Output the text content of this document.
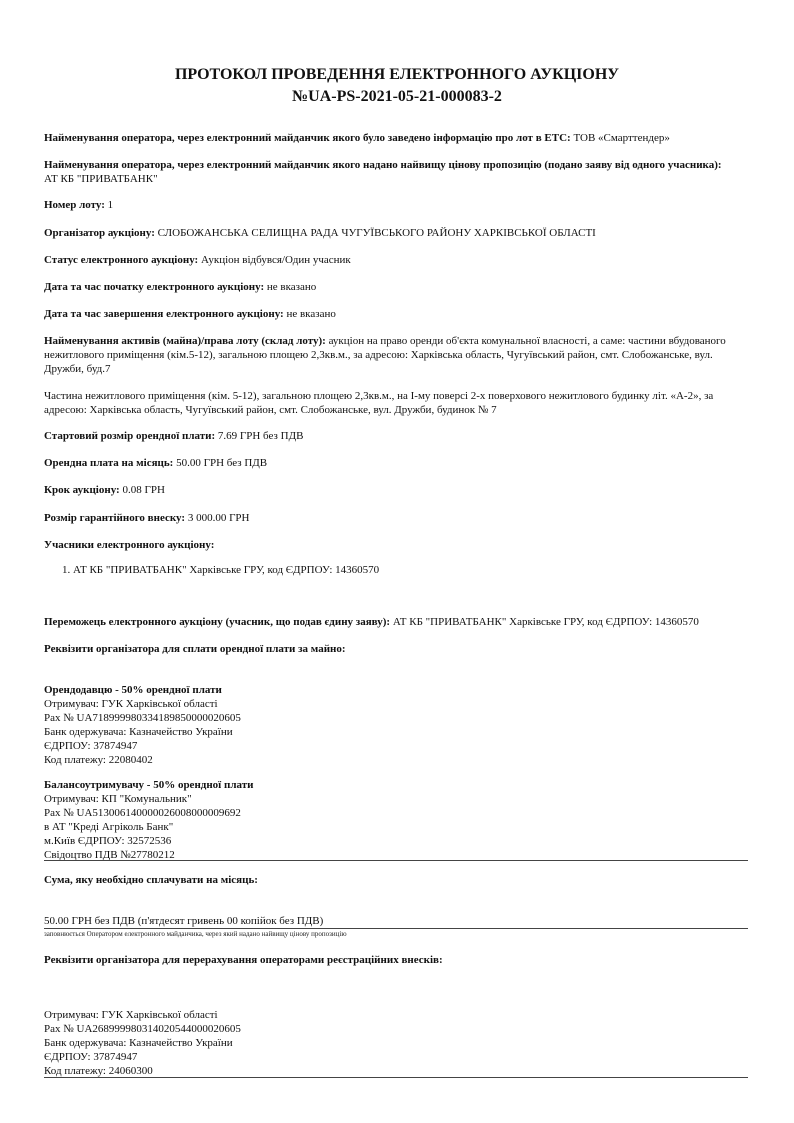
ПРОТОКОЛ ПРОВЕДЕННЯ ЕЛЕКТРОННОГО АУКЦІОНУ
№UA-PS-2021-05-21-000083-2
Найменування оператора, через електронний майданчик якого було заведено інформацію про лот в ЕТС: ТОВ «Смарттендер»
Найменування оператора, через електронний майданчик якого надано найвищу цінову пропозицію (подано заяву від одного учасника):
АТ КБ "ПРИВАТБАНК"
Номер лоту: 1
Організатор аукціону: СЛОБОЖАНСЬКА СЕЛИЩНА РАДА ЧУГУЇВСЬКОГО РАЙОНУ ХАРКІВСЬКОЇ ОБЛАСТІ
Статус електронного аукціону: Аукціон відбувся/Один учасник
Дата та час початку електронного аукціону: не вказано
Дата та час завершення електронного аукціону: не вказано
Найменування активів (майна)/права лоту (склад лоту): аукціон на право оренди об'єкта комунальної власності, а саме: частини вбудованого нежитлового приміщення (кім.5-12), загальною площею 2,3кв.м., за адресою: Харківська область, Чугуївський район, смт. Слобожанське, вул. Дружби, буд.7
Частина нежитлового приміщення (кім. 5-12), загальною площею 2,3кв.м., на І-му поверсі 2-х поверхового нежитлового будинку літ. «А-2», за адресою: Харківська область, Чугуївський район, смт. Слобожанське, вул. Дружби, будинок № 7
Стартовий розмір орендної плати: 7.69 ГРН без ПДВ
Орендна плата на місяць: 50.00 ГРН без ПДВ
Крок аукціону: 0.08 ГРН
Розмір гарантійного внеску: 3 000.00 ГРН
Учасники електронного аукціону:
1. АТ КБ "ПРИВАТБАНК" Харківське ГРУ, код ЄДРПОУ: 14360570
Переможець електронного аукціону (учасник, що подав єдину заяву): АТ КБ "ПРИВАТБАНК" Харківське ГРУ, код ЄДРПОУ: 14360570
Реквізити організатора для сплати орендної плати за майно:
Орендодавцю - 50% орендної плати
Отримувач: ГУК Харківської області
Рах № UA718999980334189850000020605
Банк одержувача: Казначейство України
ЄДРПОУ: 37874947
Код платежу: 22080402
Балансоутримувачу - 50% орендної плати
Отримувач: КП "Комунальник"
Рах № UA513006140000026008000009692
в АТ "Креді Агріколь Банк"
м.Київ ЄДРПОУ: 32572536
Свідоцтво ПДВ №27780212
Сума, яку необхідно сплачувати на місяць:
50.00 ГРН без ПДВ (п'ятдесят гривень 00 копійок без ПДВ)
заповнюється Оператором електронного майданчика, через який надано найвищу цінову пропозицію
Реквізити організатора для перерахування операторами реєстраційних внесків:
Отримувач: ГУК Харківської області
Рах № UA268999980314020544000020605
Банк одержувача: Казначейство України
ЄДРПОУ: 37874947
Код платежу: 24060300
